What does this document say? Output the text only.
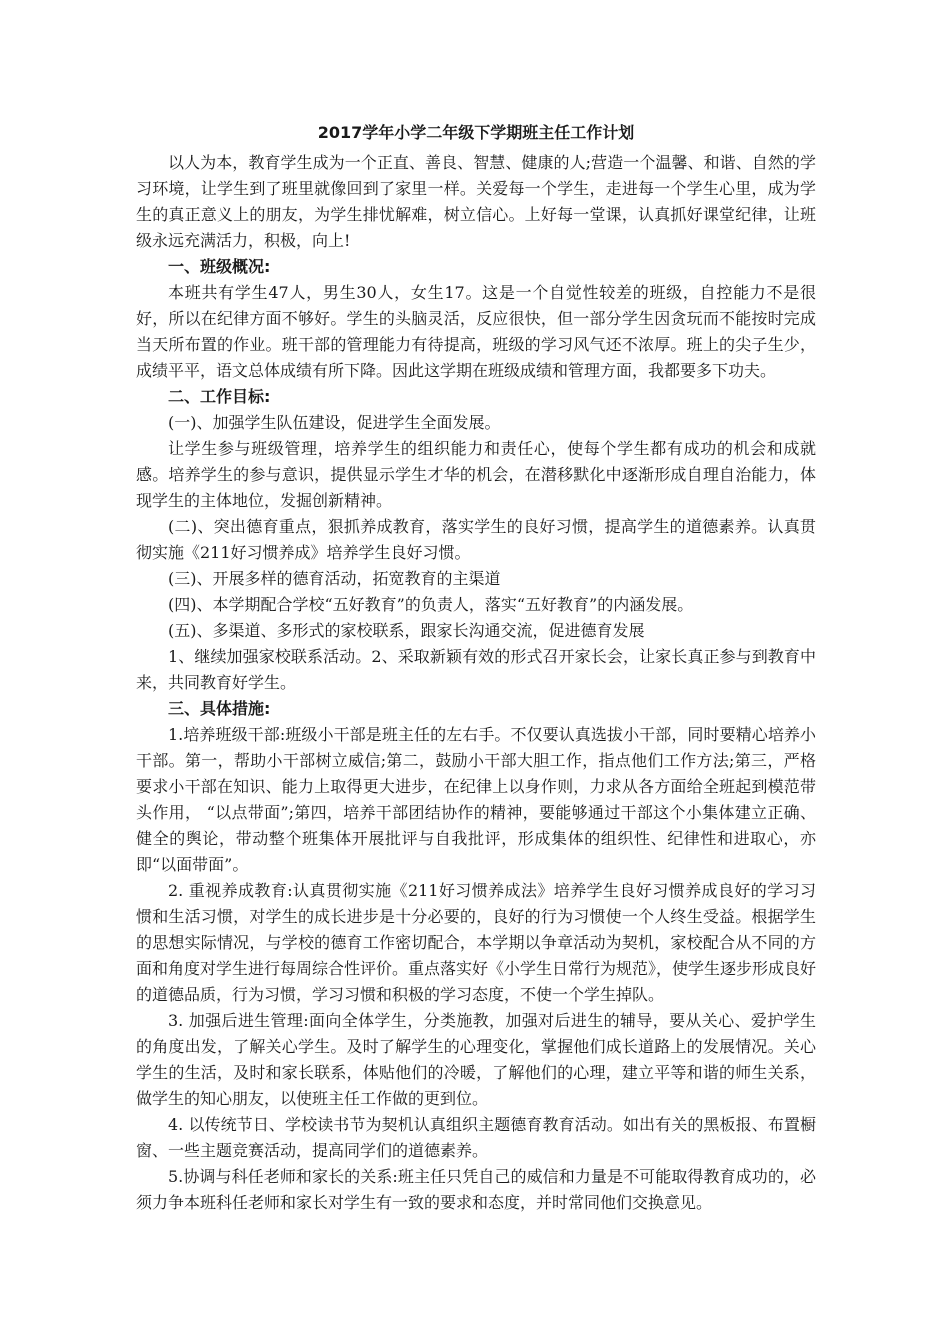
2017学年小学二年级下学期班主任工作计划

以人为本，教育学生成为一个正直、善良、智慧、健康的人;营造一个温馨、和谐、自然的学习环境，让学生到了班里就像回到了家里一样。关爱每一个学生，走进每一个学生心里，成为学生的真正意义上的朋友，为学生排忧解难，树立信心。上好每一堂课，认真抓好课堂纪律，让班级永远充满活力，积极，向上!

一、班级概况:

本班共有学生47人，男生30人，女生17。这是一个自觉性较差的班级，自控能力不是很好，所以在纪律方面不够好。学生的头脑灵活，反应很快，但一部分学生因贪玩而不能按时完成当天所布置的作业。班干部的管理能力有待提高，班级的学习风气还不浓厚。班上的尖子生少，成绩平平，语文总体成绩有所下降。因此这学期在班级成绩和管理方面，我都要多下功夫。

二、工作目标:

(一)、加强学生队伍建设，促进学生全面发展。

让学生参与班级管理，培养学生的组织能力和责任心，使每个学生都有成功的机会和成就感。培养学生的参与意识，提供显示学生才华的机会，在潜移默化中逐渐形成自理自治能力，体现学生的主体地位，发掘创新精神。

(二)、突出德育重点，狠抓养成教育，落实学生的良好习惯，提高学生的道德素养。认真贯彻实施《211好习惯养成》培养学生良好习惯。

(三)、开展多样的德育活动，拓宽教育的主渠道

(四)、本学期配合学校“五好教育”的负责人，落实“五好教育”的内涵发展。

(五)、多渠道、多形式的家校联系，跟家长沟通交流，促进德育发展

1、继续加强家校联系活动。2、采取新颖有效的形式召开家长会，让家长真正参与到教育中来，共同教育好学生。

三、具体措施:

1.培养班级干部:班级小干部是班主任的左右手。不仅要认真选拔小干部，同时要精心培养小干部。第一，帮助小干部树立威信;第二，鼓励小干部大胆工作，指点他们工作方法;第三，严格要求小干部在知识、能力上取得更大进步，在纪律上以身作则，力求从各方面给全班起到模范带头作用， “以点带面”;第四，培养干部团结协作的精神，要能够通过干部这个小集体建立正确、健全的舆论，带动整个班集体开展批评与自我批评，形成集体的组织性、纪律性和进取心，亦即“以面带面”。

2. 重视养成教育:认真贯彻实施《211好习惯养成法》培养学生良好习惯养成良好的学习习惯和生活习惯，对学生的成长进步是十分必要的，良好的行为习惯使一个人终生受益。根据学生的思想实际情况，与学校的德育工作密切配合，本学期以争章活动为契机，家校配合从不同的方面和角度对学生进行每周综合性评价。重点落实好《小学生日常行为规范》，使学生逐步形成良好的道德品质，行为习惯，学习习惯和积极的学习态度，不使一个学生掉队。

3. 加强后进生管理:面向全体学生，分类施教，加强对后进生的辅导，要从关心、爱护学生的角度出发，了解关心学生。及时了解学生的心理变化，掌握他们成长道路上的发展情况。关心学生的生活，及时和家长联系，体贴他们的冷暖，了解他们的心理，建立平等和谐的师生关系，做学生的知心朋友，以使班主任工作做的更到位。

4. 以传统节日、学校读书节为契机认真组织主题德育教育活动。如出有关的黑板报、布置橱窗、一些主题竞赛活动，提高同学们的道德素养。

5.协调与科任老师和家长的关系:班主任只凭自己的威信和力量是不可能取得教育成功的，必须力争本班科任老师和家长对学生有一致的要求和态度，并时常同他们交换意见。
